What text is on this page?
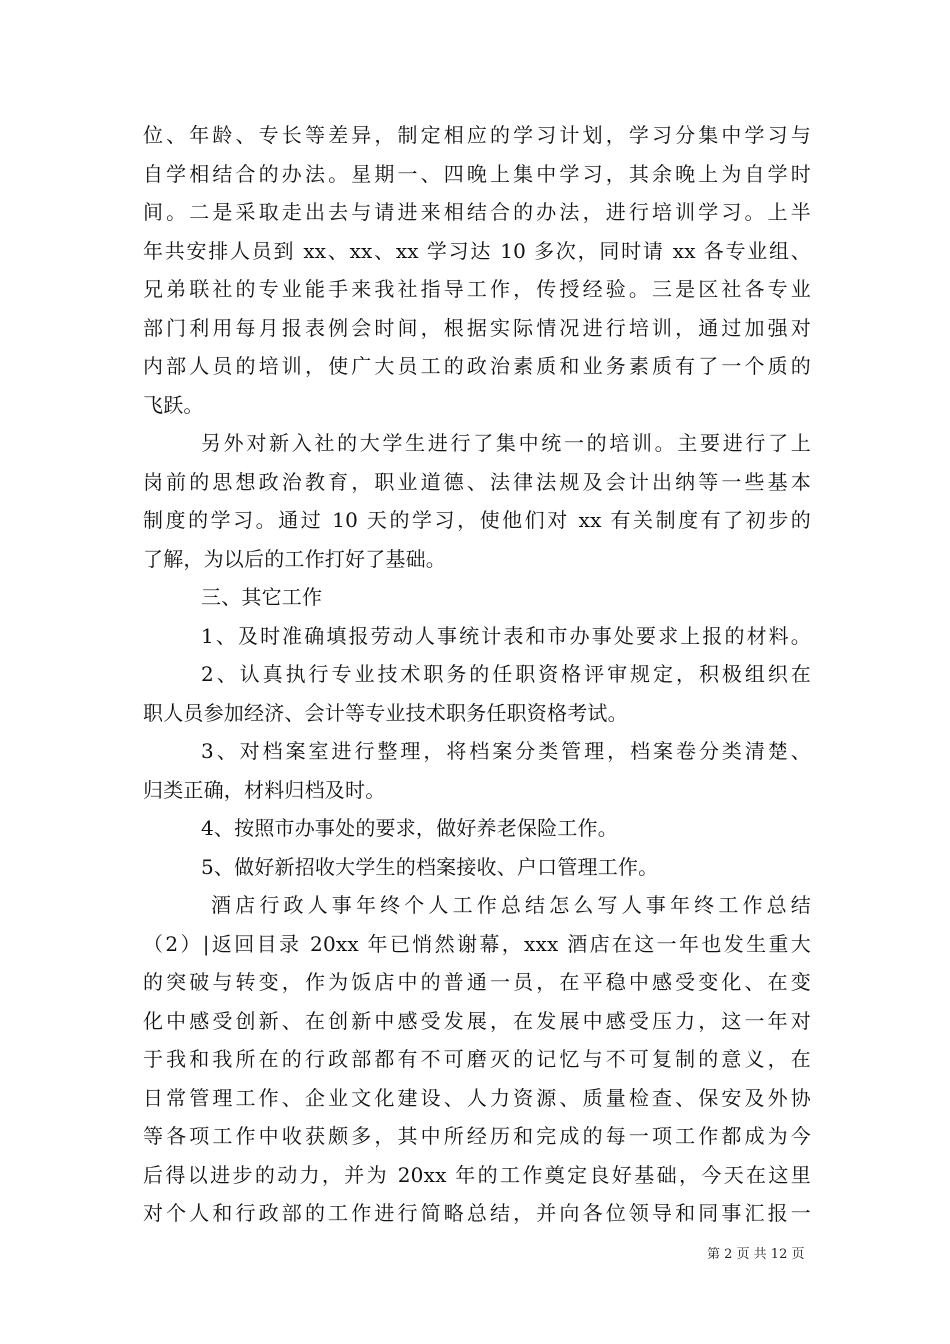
位、年龄、专长等差异，制定相应的学习计划，学习分集中学习与
自学相结合的办法。星期一、四晚上集中学习，其余晚上为自学时
间。二是采取走出去与请进来相结合的办法，进行培训学习。上半
年共安排人员到 xx、xx、xx 学习达 10 多次，同时请 xx 各专业组、
兄弟联社的专业能手来我社指导工作，传授经验。三是区社各专业
部门利用每月报表例会时间，根据实际情况进行培训，通过加强对
内部人员的培训，使广大员工的政治素质和业务素质有了一个质的
飞跃。
另外对新入社的大学生进行了集中统一的培训。主要进行了上
岗前的思想政治教育，职业道德、法律法规及会计出纳等一些基本
制度的学习。通过 10 天的学习，使他们对 xx 有关制度有了初步的
了解，为以后的工作打好了基础。
三、其它工作
1、及时准确填报劳动人事统计表和市办事处要求上报的材料。
2、认真执行专业技术职务的任职资格评审规定，积极组织在
职人员参加经济、会计等专业技术职务任职资格考试。
3、对档案室进行整理，将档案分类管理，档案卷分类清楚、
归类正确，材料归档及时。
4、按照市办事处的要求，做好养老保险工作。
5、做好新招收大学生的档案接收、户口管理工作。
酒店行政人事年终个人工作总结怎么写人事年终工作总结
（2）|返回目录 20xx 年已悄然谢幕，xxx 酒店在这一年也发生重大
的突破与转变，作为饭店中的普通一员，在平稳中感受变化、在变
化中感受创新、在创新中感受发展，在发展中感受压力，这一年对
于我和我所在的行政部都有不可磨灭的记忆与不可复制的意义，在
日常管理工作、企业文化建设、人力资源、质量检查、保安及外协
等各项工作中收获颇多，其中所经历和完成的每一项工作都成为今
后得以进步的动力，并为 20xx 年的工作奠定良好基础，今天在这里
对个人和行政部的工作进行简略总结，并向各位领导和同事汇报一
第 2 页 共 12 页
